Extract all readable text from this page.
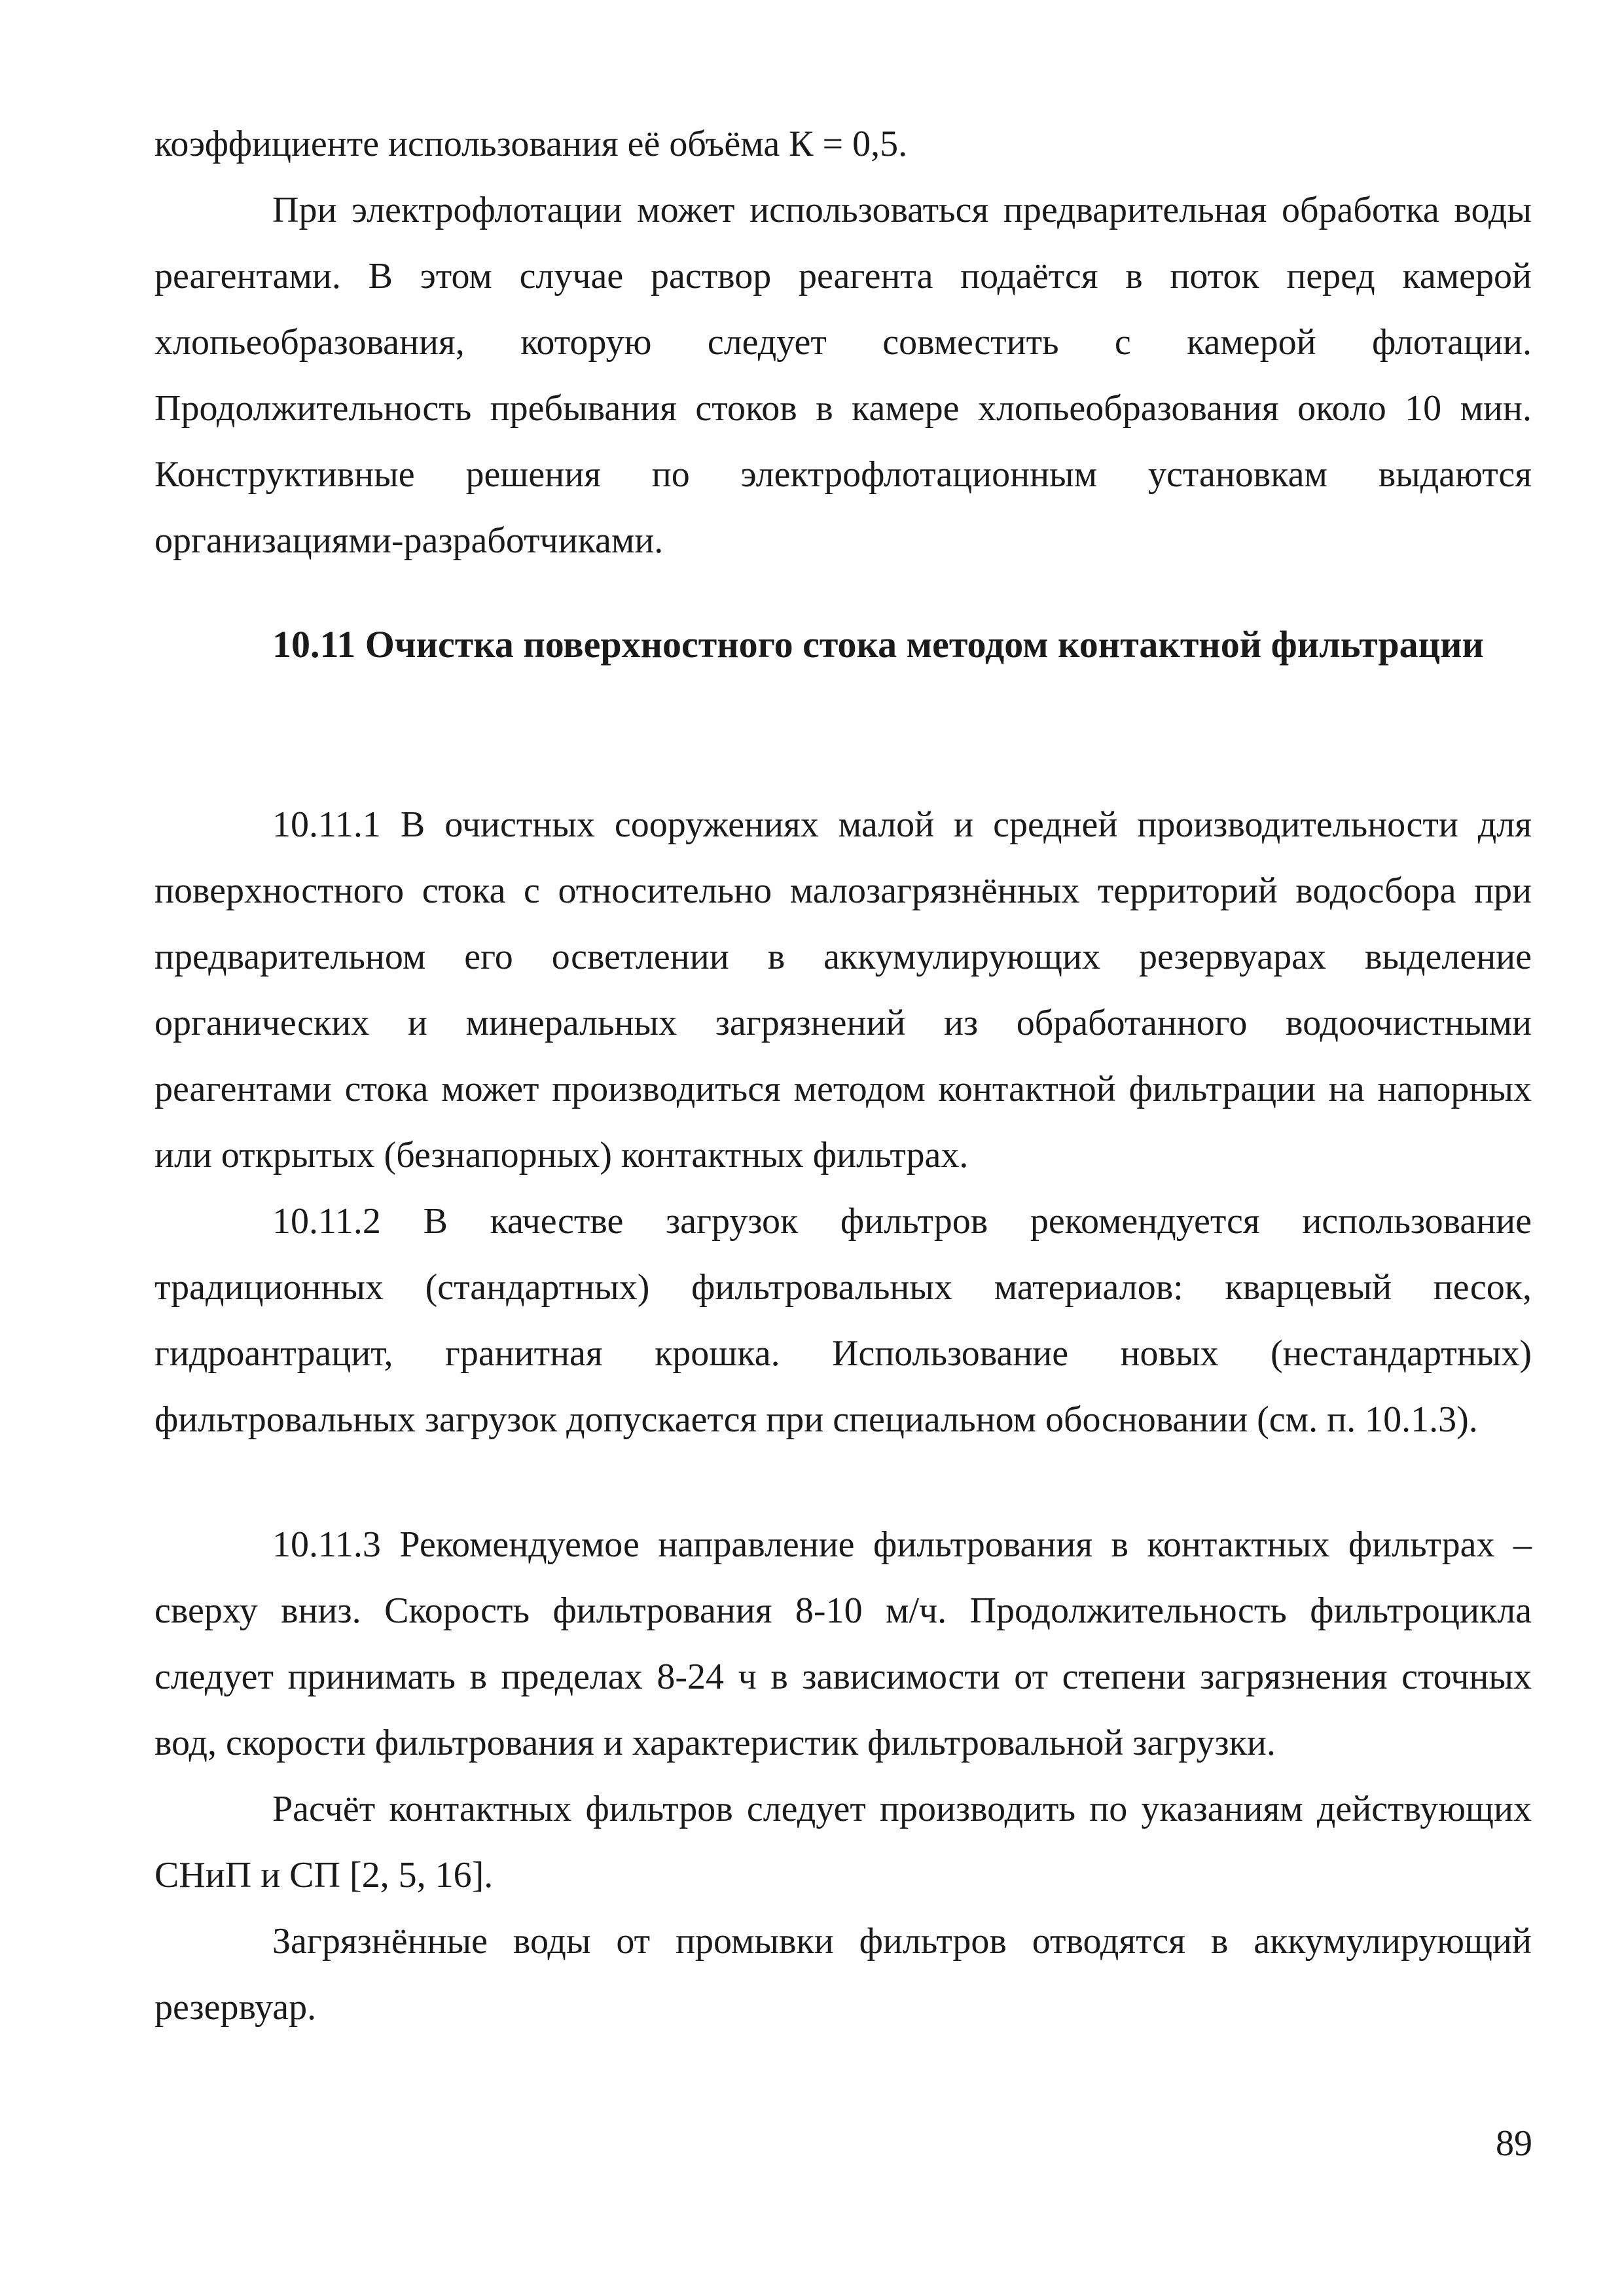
коэффициенте использования её объёма К = 0,5.

При электрофлотации может использоваться предварительная обработка воды реагентами. В этом случае раствор реагента подаётся в поток перед камерой хлопьеобразования, которую следует совместить с камерой флотации. Продолжительность пребывания стоков в камере хлопьеобразования около 10 мин. Конструктивные решения по электрофлотационным установкам выдаются организациями-разработчиками.

10.11 Очистка поверхностного стока методом контактной фильтрации

10.11.1 В очистных сооружениях малой и средней производительности для поверхностного стока с относительно малозагрязнённых территорий водосбора при предварительном его осветлении в аккумулирующих резервуарах выделение органических и минеральных загрязнений из обработанного водоочистными реагентами стока может производиться методом контактной фильтрации на напорных или открытых (безнапорных) контактных фильтрах.

10.11.2 В качестве загрузок фильтров рекомендуется использование традиционных (стандартных) фильтровальных материалов: кварцевый песок, гидроантрацит, гранитная крошка. Использование новых (нестандартных) фильтровальных загрузок допускается при специальном обосновании (см. п. 10.1.3).

10.11.3 Рекомендуемое направление фильтрования в контактных фильтрах – сверху вниз. Скорость фильтрования 8-10 м/ч. Продолжительность фильтроцикла следует принимать в пределах 8-24 ч в зависимости от степени загрязнения сточных вод, скорости фильтрования и характеристик фильтровальной загрузки.

Расчёт контактных фильтров следует производить по указаниям действующих СНиП и СП [2, 5, 16].

Загрязнённые воды от промывки фильтров отводятся в аккумулирующий резервуар.

89
